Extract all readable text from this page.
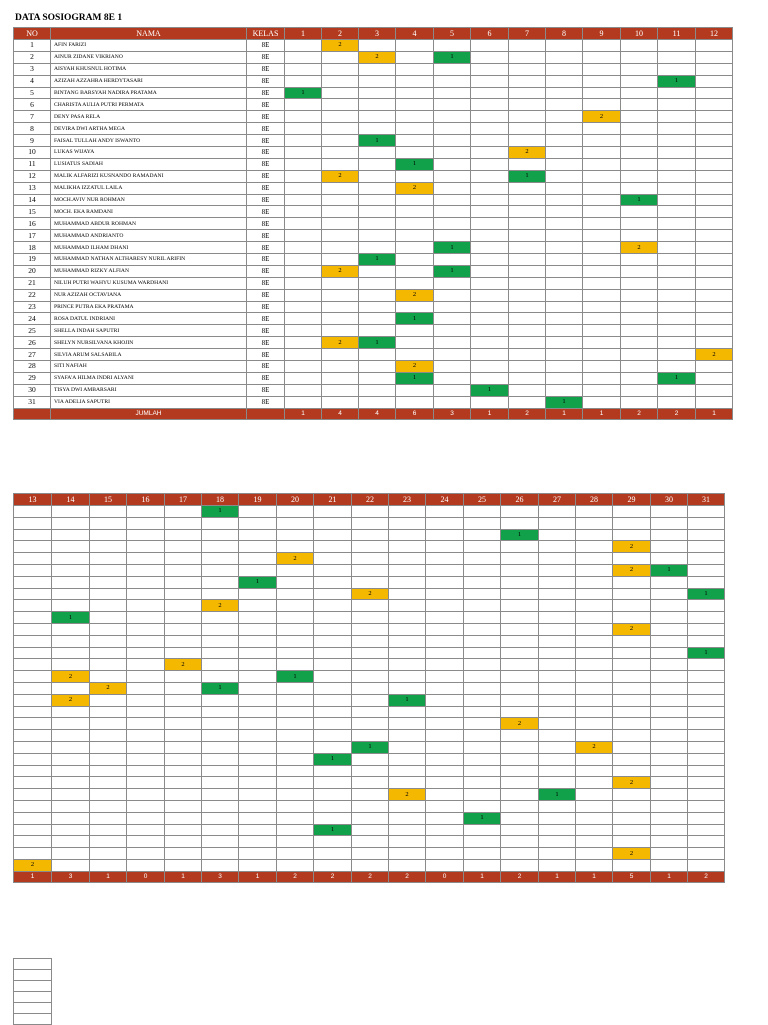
DATA SOSIOGRAM 8E 1
NO	NAMA	KELAS	1	2	3	4	5	6	7	8	9	10	11	12
1	AFIN FARIZI	8E		2										
2	AINUR ZIDANE VIKRIANO	8E			2		1							
3	AISYAH KHUSNUL HOTIMA	8E												
4	AZIZAH AZZAHRA HERDYTASARI	8E											1	
5	BINTANG BARSYAH NADIRA PRATAMA	8E	1											
6	CHARISTA AULIA PUTRI PERMATA	8E												
7	DENY PASA RELA	8E									2			
8	DEVIRA DWI ARTHA MEGA	8E												
9	FAISAL TULLAH ANDY ISWANTO	8E			1									
10	LUKAS WIJAYA	8E							2					
11	LUSIATUS SADIAH	8E				1								
12	MALIK ALFARIZI KUSNANDO RAMADANI	8E		2					1					
13	MALIKHA IZZATUL LAILA	8E				2								
14	MOCH.AVIV NUR ROHMAN	8E										1		
15	MOCH. EKA RAMDANI	8E												
16	MUHAMMAD ABDUR ROHMAN	8E												
17	MUHAMMAD ANDRIANTO	8E												
18	MUHAMMAD ILHAM DHANI	8E					1					2		
19	MUHAMMAD NATHAN ALTHARESY NURIL ARIFIN	8E			1									
20	MUHAMMAD RIZKY ALFIAN	8E		2			1							
21	NILUH PUTRI WAHYU KUSUMA WARDHANI	8E												
22	NUR AZIZAH OCTAVIANA	8E				2								
23	PRINCE PUTRA EKA PRATAMA	8E												
24	ROSA DATUL INDRIANI	8E				1								
25	SHELLA INDAH SAPUTRI	8E												
26	SHELYN NURSILVANA KHOJIN	8E		2	1									
27	SILVIA ARUM SALSABILA	8E												2
28	SITI NAFIAH	8E				2								
29	SYAFA'A HILMA INDRI ALYANI	8E				1							1	
30	TISYA DWI AMBARSARI	8E						1						
31	VIA ADELIA SAPUTRI	8E								1				
	JUMLAH		1	4	4	6	3	1	2	1	1	2	2	1
13	14	15	16	17	18	19	20	21	22	23	24	25	26	27	28	29	30	31
					1													

													1					
																2		
							2											
																2	1	
						1												
									2									1
					2													
	1																	
																2		

																		1
				2														
	2						1											
		2			1													
	2									1								

													2					

									1						2			
								1										

																2		
										2				1				

												1						
								1										

																2		
2																		
1	3	1	0	1	3	1	2	2	2	2	0	1	2	1	1	5	1	2
